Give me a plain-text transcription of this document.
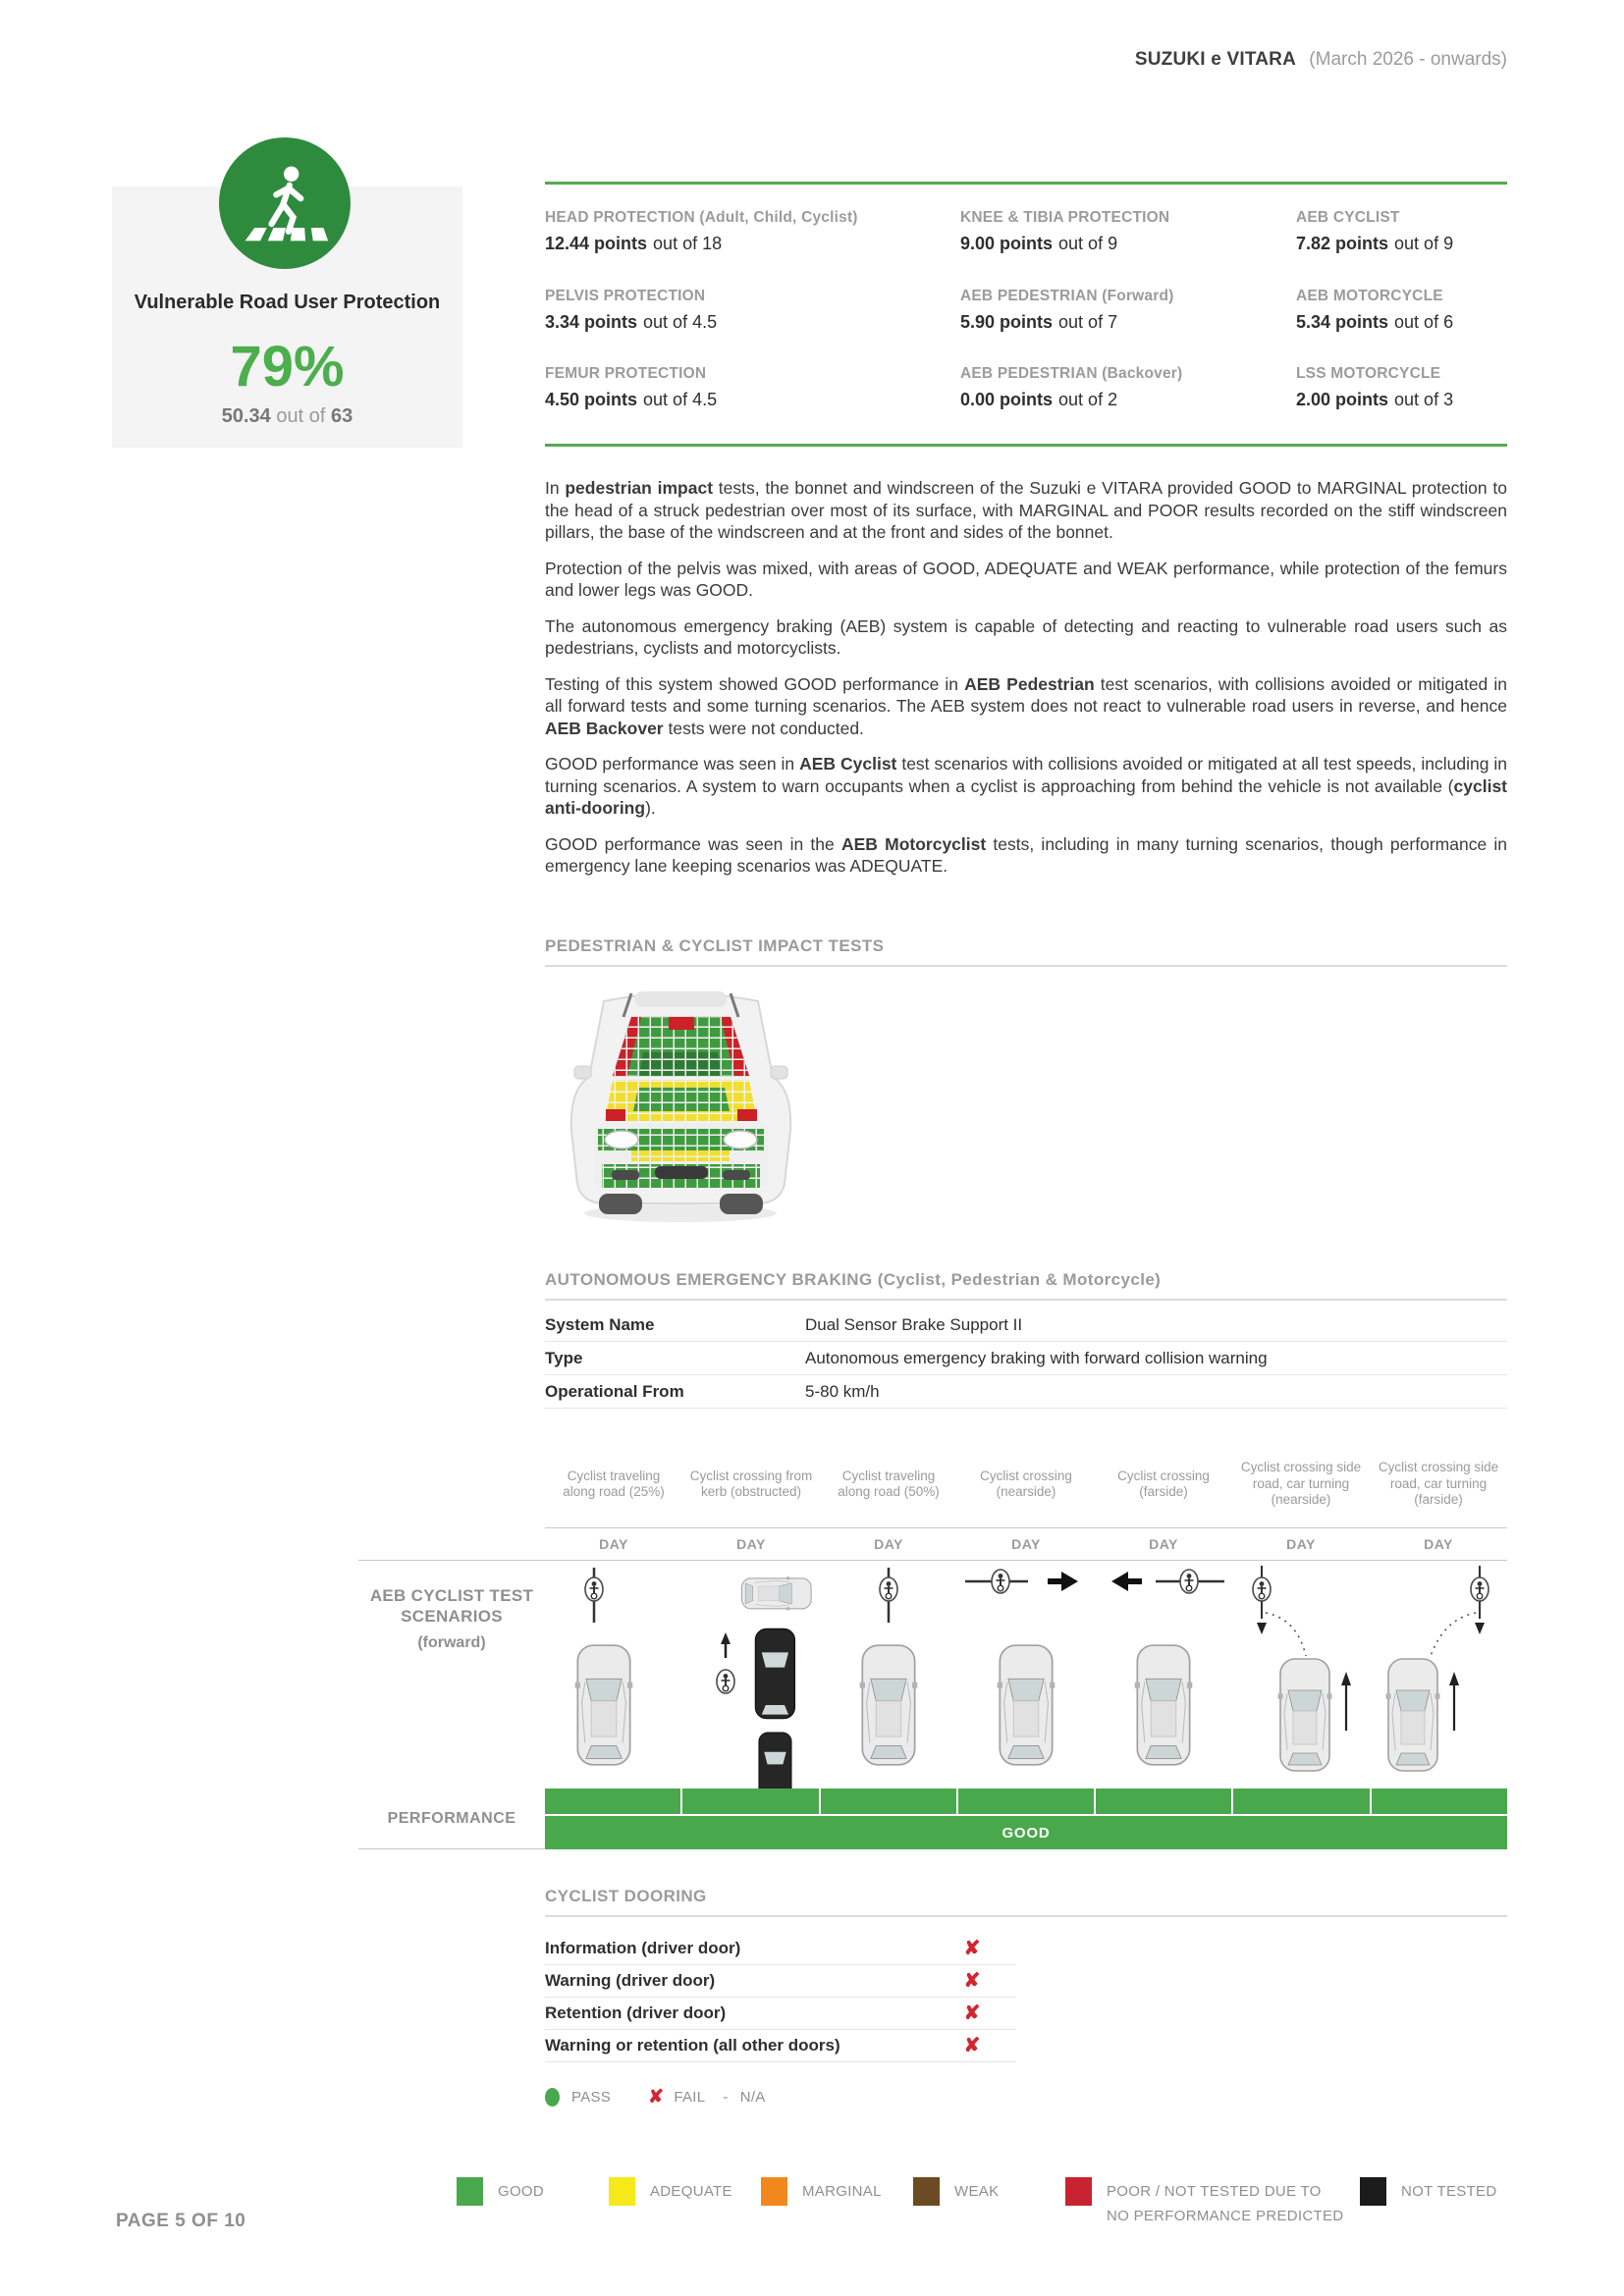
SUZUKI e VITARA (March 2026 - onwards)
Vulnerable Road User Protection
79%
50.34 out of 63
HEAD PROTECTION (Adult, Child, Cyclist)
12.44 points out of 18
KNEE & TIBIA PROTECTION
9.00 points out of 9
AEB CYCLIST
7.82 points out of 9
PELVIS PROTECTION
3.34 points out of 4.5
AEB PEDESTRIAN (Forward)
5.90 points out of 7
AEB MOTORCYCLE
5.34 points out of 6
FEMUR PROTECTION
4.50 points out of 4.5
AEB PEDESTRIAN (Backover)
0.00 points out of 2
LSS MOTORCYCLE
2.00 points out of 3

In pedestrian impact tests, the bonnet and windscreen of the Suzuki e VITARA provided GOOD to MARGINAL protection to the head of a struck pedestrian over most of its surface, with MARGINAL and POOR results recorded on the stiff windscreen pillars, the base of the windscreen and at the front and sides of the bonnet.

Protection of the pelvis was mixed, with areas of GOOD, ADEQUATE and WEAK performance, while protection of the femurs and lower legs was GOOD.

The autonomous emergency braking (AEB) system is capable of detecting and reacting to vulnerable road users such as pedestrians, cyclists and motorcyclists.

Testing of this system showed GOOD performance in AEB Pedestrian test scenarios, with collisions avoided or mitigated in all forward tests and some turning scenarios. The AEB system does not react to vulnerable road users in reverse, and hence AEB Backover tests were not conducted.

GOOD performance was seen in AEB Cyclist test scenarios with collisions avoided or mitigated at all test speeds, including in turning scenarios. A system to warn occupants when a cyclist is approaching from behind the vehicle is not available (cyclist anti-dooring).

GOOD performance was seen in the AEB Motorcyclist tests, including in many turning scenarios, though performance in emergency lane keeping scenarios was ADEQUATE.

PEDESTRIAN & CYCLIST IMPACT TESTS
AUTONOMOUS EMERGENCY BRAKING (Cyclist, Pedestrian & Motorcycle)
System Name	Dual Sensor Brake Support II
Type	Autonomous emergency braking with forward collision warning
Operational From	5-80 km/h
Cyclist traveling along road (25%)
Cyclist crossing from kerb (obstructed)
Cyclist traveling along road (50%)
Cyclist crossing (nearside)
Cyclist crossing (farside)
Cyclist crossing side road, car turning (nearside)
Cyclist crossing side road, car turning (farside)
DAY	DAY	DAY	DAY	DAY	DAY	DAY
AEB CYCLIST TEST SCENARIOS
(forward)
PERFORMANCE
GOOD
CYCLIST DOORING
Information (driver door)	✘
Warning (driver door)	✘
Retention (driver door)	✘
Warning or retention (all other doors)	✘
PASS ✘ FAIL - N/A
GOOD	ADEQUATE	MARGINAL	WEAK	POOR / NOT TESTED DUE TO
NO PERFORMANCE PREDICTED
NOT TESTED
PAGE 5 OF 10
